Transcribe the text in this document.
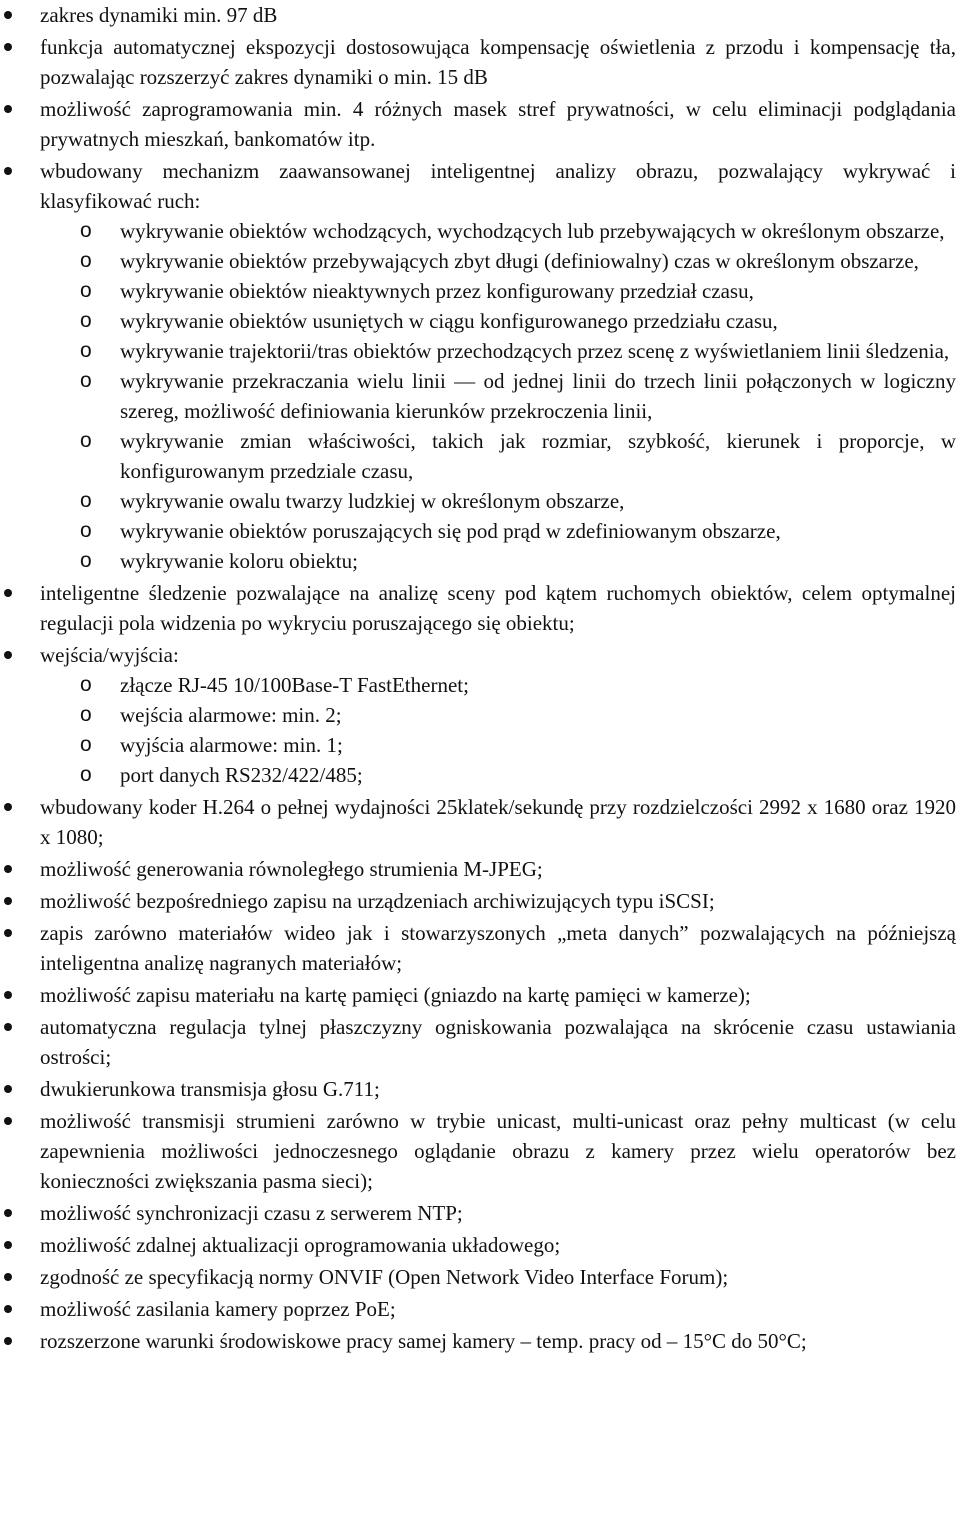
zakres dynamiki min. 97 dB
funkcja automatycznej ekspozycji dostosowująca kompensację oświetlenia z przodu i kompensację tła, pozwalając rozszerzyć zakres dynamiki o min. 15 dB
możliwość zaprogramowania min. 4 różnych masek stref prywatności, w celu eliminacji podglądania prywatnych mieszkań, bankomatów itp.
wbudowany mechanizm zaawansowanej inteligentnej analizy obrazu, pozwalający wykrywać i klasyfikować ruch:
o wykrywanie obiektów wchodzących, wychodzących lub przebywających w określonym obszarze,
o wykrywanie obiektów przebywających zbyt długi (definiowalny) czas w określonym obszarze,
o wykrywanie obiektów nieaktywnych przez konfigurowany przedział czasu,
o wykrywanie obiektów usuniętych w ciągu konfigurowanego przedziału czasu,
o wykrywanie trajektorii/tras obiektów przechodzących przez scenę z wyświetlaniem linii śledzenia,
o wykrywanie przekraczania wielu linii — od jednej linii do trzech linii połączonych w logiczny szereg, możliwość definiowania kierunków przekroczenia linii,
o wykrywanie zmian właściwości, takich jak rozmiar, szybkość, kierunek i proporcje, w konfigurowanym przedziale czasu,
o wykrywanie owalu twarzy ludzkiej w określonym obszarze,
o wykrywanie obiektów poruszających się pod prąd w zdefiniowanym obszarze,
o wykrywanie koloru obiektu;
inteligentne śledzenie pozwalające na analizę sceny pod kątem ruchomych obiektów, celem optymalnej regulacji pola widzenia po wykryciu poruszającego się obiektu;
wejścia/wyjścia:
o złącze RJ-45 10/100Base-T FastEthernet;
o wejścia alarmowe: min. 2;
o wyjścia alarmowe: min. 1;
o port danych RS232/422/485;
wbudowany koder H.264 o pełnej wydajności 25klatek/sekundę przy rozdzielczości 2992 x 1680 oraz 1920 x 1080;
możliwość generowania równoległego strumienia M-JPEG;
możliwość bezpośredniego zapisu na urządzeniach archiwizujących typu iSCSI;
zapis zarówno materiałów wideo jak i stowarzyszonych „meta danych” pozwalających na późniejszą inteligentna analizę nagranych materiałów;
możliwość zapisu materiału na kartę pamięci (gniazdo na kartę pamięci w kamerze);
automatyczna regulacja tylnej płaszczyzny ogniskowania pozwalająca na skrócenie czasu ustawiania ostrości;
dwukierunkowa transmisja głosu G.711;
możliwość transmisji strumieni zarówno w trybie unicast, multi-unicast oraz pełny multicast (w celu zapewnienia możliwości jednoczesnego oglądanie obrazu z kamery przez wielu operatorów bez konieczności zwiększania pasma sieci);
możliwość synchronizacji czasu z serwerem NTP;
możliwość zdalnej aktualizacji oprogramowania układowego;
zgodność ze specyfikacją normy ONVIF (Open Network Video Interface Forum);
możliwość zasilania kamery poprzez PoE;
rozszerzone warunki środowiskowe pracy samej kamery – temp. pracy od – 15°C do 50°C;
